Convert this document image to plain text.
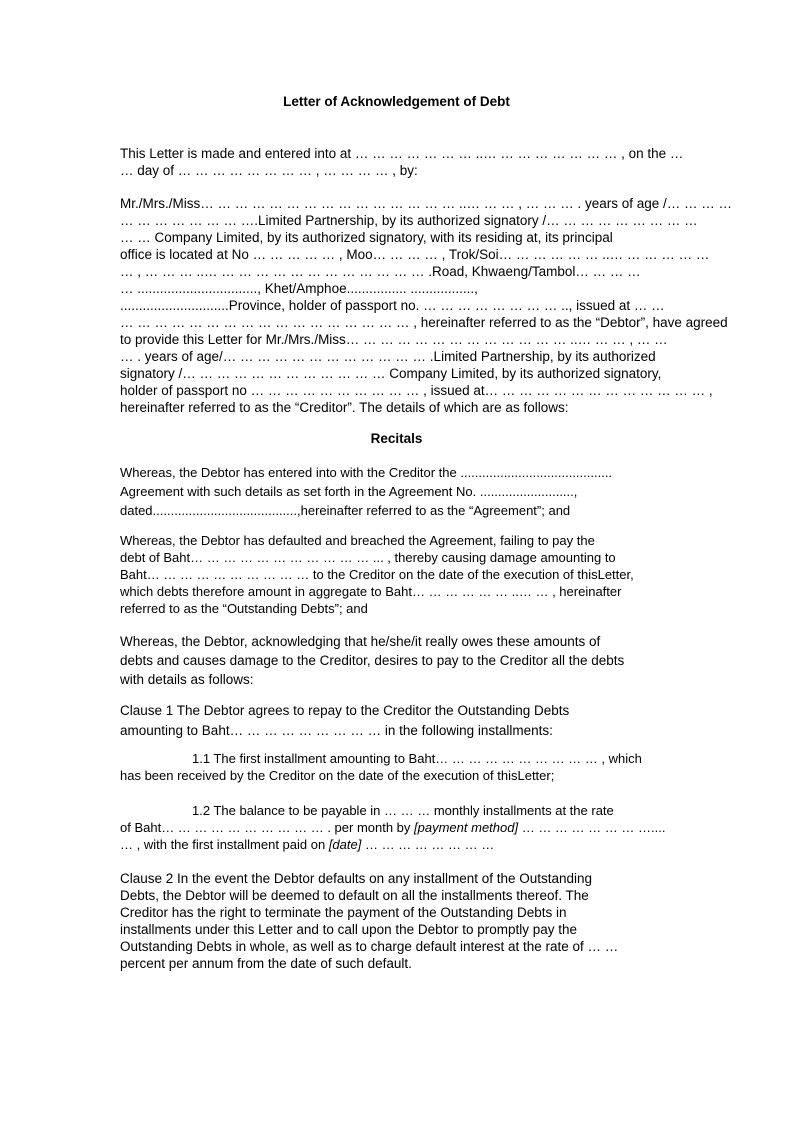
Letter of Acknowledgement of Debt
This Letter is made and entered into at … … … … … … … ..… … … … … … … … , on the …
… day of … … … … … … … … , … … … … , by:
Mr./Mrs./Miss… … … … … … … … … … … … … … … ..… … … , … … … . years of age /… … … …
… … … … … … … ….Limited Partnership, by its authorized signatory /… … … … … … … … …
… … Company Limited, by its authorized signatory, with its residing at, its principal
office is located at No … … … … … , Moo… … … … , Trok/Soi… … … … … … ..… … … … … …
… , … … … ..… … … … … … … … … … … … … .Road, Khwaeng/Tambol… … … …
… ................................, Khet/Amphoe................ .................,
.............................Province, holder of passport no. … … … … … … … … .., issued at … …
… … … … … … … … … … … … … … … … … , hereinafter referred to as the “Debtor”, have agreed
to provide this Letter for Mr./Mrs./Miss… … … … … … … … … … … … … ..… … … , … …
… . years of age/… … … … … … … … … … … … .Limited Partnership, by its authorized
signatory /… … … … … … … … … … … … Company Limited, by its authorized signatory,
holder of passport no … … … … … … … … … … , issued at… … … … … … … … … … … … … ,
hereinafter referred to as the “Creditor”. The details of which are as follows:
Recitals
Whereas, the Debtor has entered into with the Creditor the ..........................................
Agreement with such details as set forth in the Agreement No. ..........................,
dated........................................,hereinafter referred to as the “Agreement”; and
Whereas, the Debtor has defaulted and breached the Agreement, failing to pay the
debt of Baht… … … … … … … … … … … ... , thereby causing damage amounting to
Baht… … … … … … … … … … to the Creditor on the date of the execution of thisLetter,
which debts therefore amount in aggregate to Baht… … … … … … ..… … , hereinafter
referred to as the “Outstanding Debts”; and
Whereas, the Debtor, acknowledging that he/she/it really owes these amounts of
debts and causes damage to the Creditor, desires to pay to the Creditor all the debts
with details as follows:
Clause 1 The Debtor agrees to repay to the Creditor the Outstanding Debts
amounting to Baht… … … … … … … … … in the following installments:
1.1 The first installment amounting to Baht… … … … … … … … … … , which
has been received by the Creditor on the date of the execution of thisLetter;
1.2 The balance to be payable in … … … monthly installments at the rate
of Baht… … … … … … … … … … . per month by [payment method] … … … … … … … …....
… , with the first installment paid on [date] … … … … … … … …
Clause 2 In the event the Debtor defaults on any installment of the Outstanding
Debts, the Debtor will be deemed to default on all the installments thereof. The
Creditor has the right to terminate the payment of the Outstanding Debts in
installments under this Letter and to call upon the Debtor to promptly pay the
Outstanding Debts in whole, as well as to charge default interest at the rate of … …
percent per annum from the date of such default.
